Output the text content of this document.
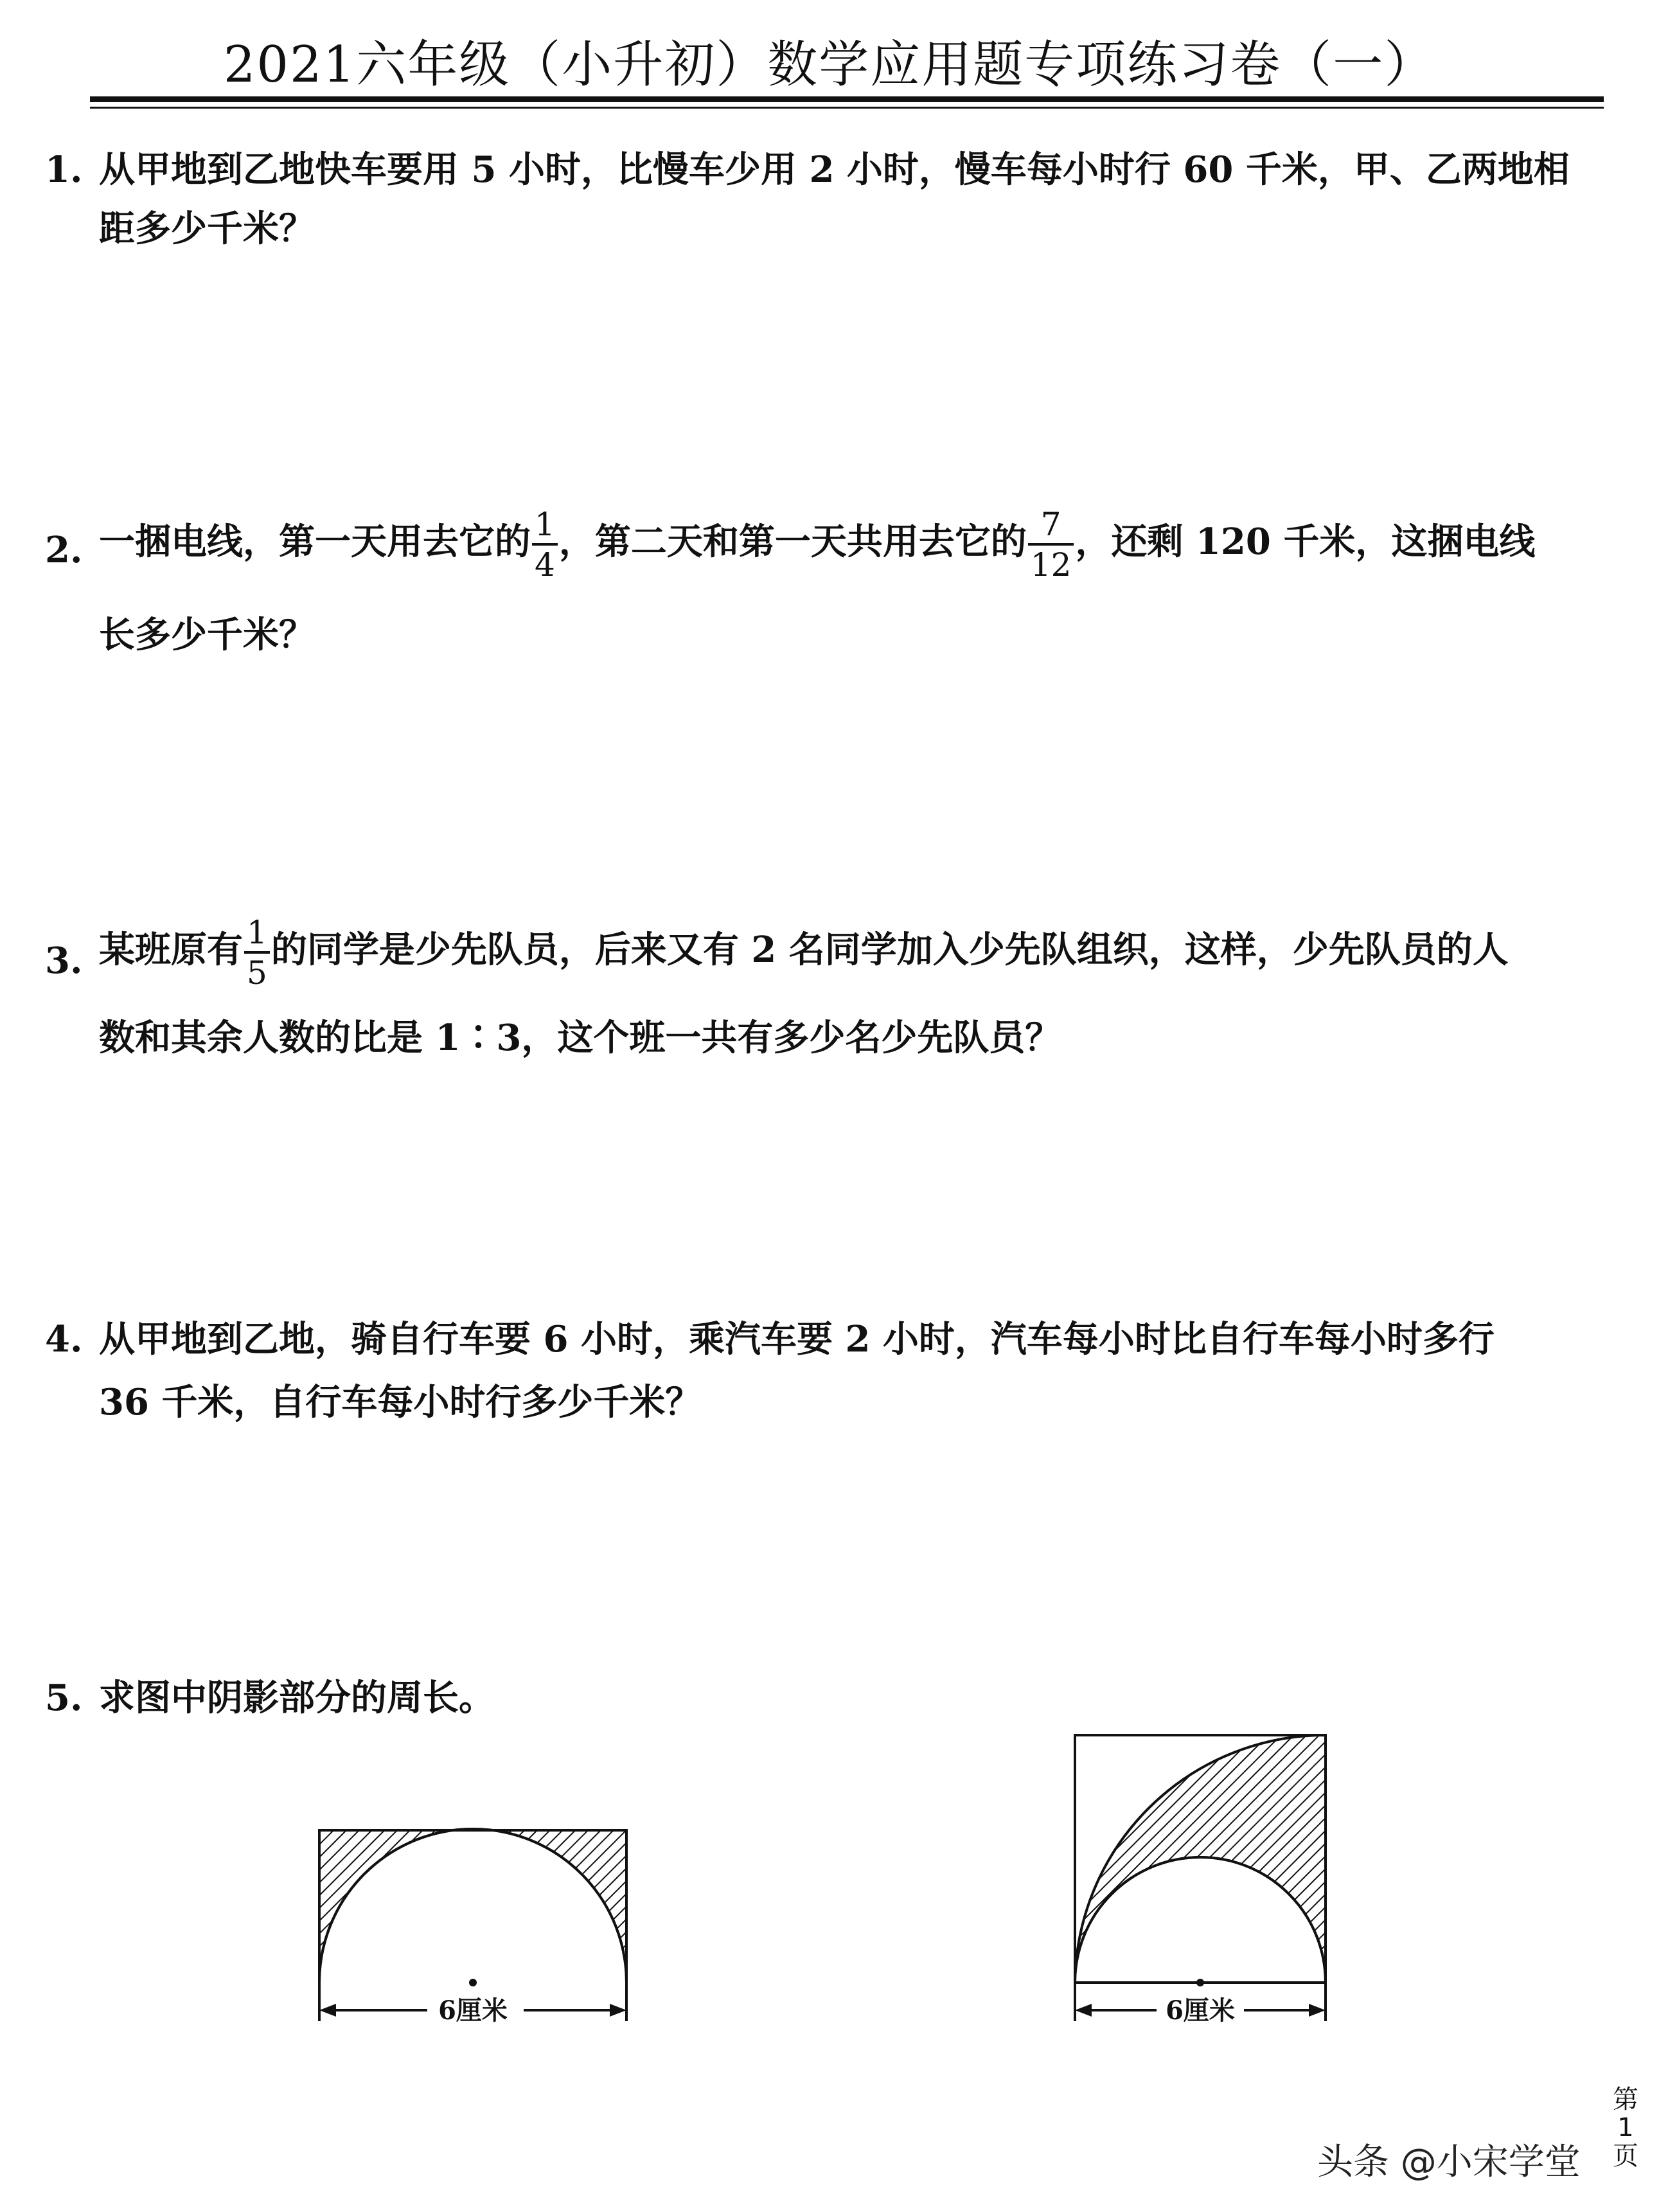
2021六年级（小升初）数学应用题专项练习卷（一）
1. 从甲地到乙地快车要用 5 小时，比慢车少用 2 小时，慢车每小时行 60 千米，甲、乙两地相
距多少千米？
2. 一捆电线，第一天用去它的 $\frac{1}{4}$ ，第二天和第一天共用去它的 $\frac{7}{12}$ ，还剩 120 千米，这捆电线
长多少千米？
3. 某班原有 $\frac{1}{5}$ 的同学是少先队员，后来又有 2 名同学加入少先队组织，这样，少先队员的人
数和其余人数的比是 1∶3，这个班一共有多少名少先队员？
4. 从甲地到乙地，骑自行车要 6 小时，乘汽车要 2 小时，汽车每小时比自行车每小时多行
36 千米，自行车每小时行多少千米？
5. 求图中阴影部分的周长。
6厘米	6厘米
第
1
页
头条 @小宋学堂
